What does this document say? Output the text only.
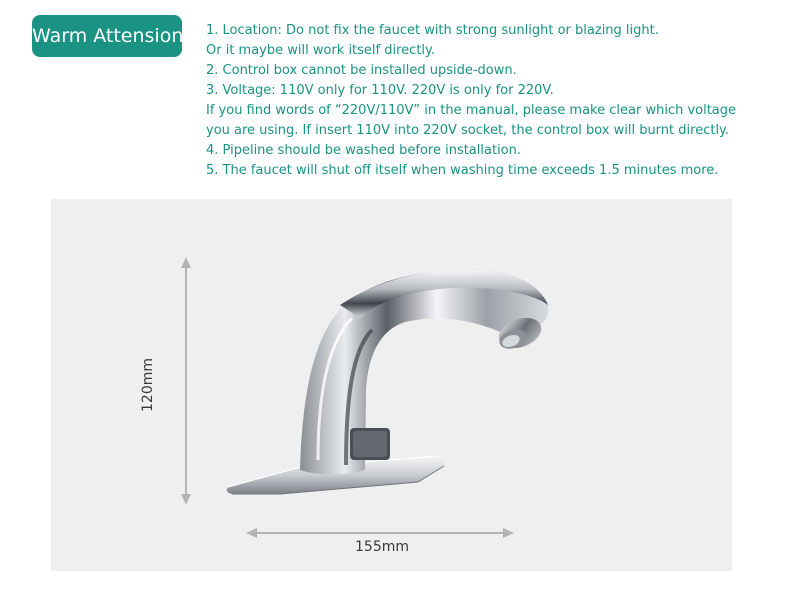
Warm Attension 1. Location: Do not fix the faucet with strong sunlight or blazing light.
Or it maybe will work itself directly.
2. Control box cannot be installed upside-down.
3. Voltage: 110V only for 110V. 220V is only for 220V.
If you find words of “220V/110V” in the manual, please make clear which voltage
you are using. If insert 110V into 220V socket, the control box will burnt directly.
4. Pipeline should be washed before installation.
5. The faucet will shut off itself when washing time exceeds 1.5 minutes more.
120mm
155mm
